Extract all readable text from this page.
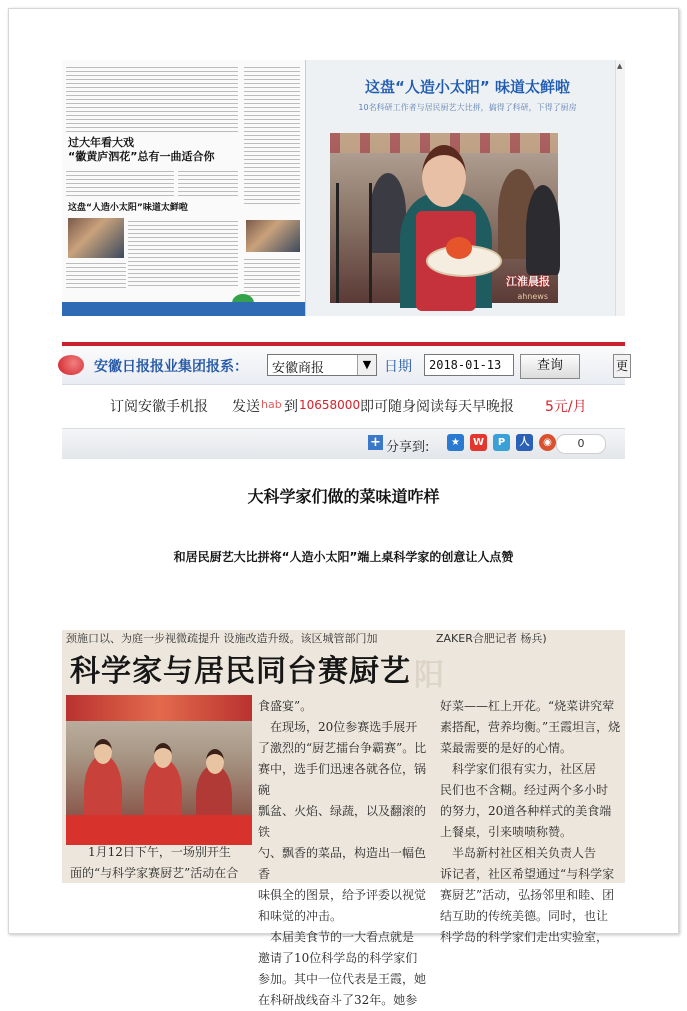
过大年看大戏
“徽黄庐泗花”总有一曲适合你
这盘“人造小太阳”味道太鲜啦
这盘“人造小太阳” 味道太鲜啦
10名科研工作者与居民厨艺大比拼，搞得了科研，下得了厨房
江淮晨报
ahnews
▲
安徽日报报业集团报系： 安徽商报	▼ 日期	2018-01-13	查询	更
订阅安徽手机报 发送 hab 到 10658000 即可随身阅读每天早晚报 5元/月
+ 分享到:	★	W	P	人	◉	0
大科学家们做的菜味道咋样
和居民厨艺大比拼将“人造小太阳”端上桌科学家的创意让人点赞
颈施口以、为庭一步视微疏提升 设施改造升级。该区城管部门加	ZAKER合肥记者 杨兵)
阳
科学家与居民同台赛厨艺

1月12日下午，一场别开生

面的“与科学家赛厨艺”活动在合

食盛宴”。

在现场，20位参赛选手展开

了激烈的“厨艺擂台争霸赛”。比

赛中，选手们迅速各就各位，锅碗

瓢盆、火焰、绿蔬，以及翻滚的铁

勺、飘香的菜品，构造出一幅色香

味俱全的图景，给予评委以视觉

和味觉的冲击。

本届美食节的一大看点就是

邀请了10位科学岛的科学家们

参加。其中一位代表是王霞，她

在科研战线奋斗了32年。她参

好菜——杠上开花。“烧菜讲究荤

素搭配，营养均衡。”王霞坦言，烧

菜最需要的是好的心情。

科学家们很有实力，社区居

民们也不含糊。经过两个多小时

的努力，20道各种样式的美食端

上餐桌，引来啧啧称赞。

半岛新村社区相关负责人告

诉记者，社区希望通过“与科学家

赛厨艺”活动，弘扬邻里和睦、团

结互助的传统美德。同时，也让

科学岛的科学家们走出实验室，
